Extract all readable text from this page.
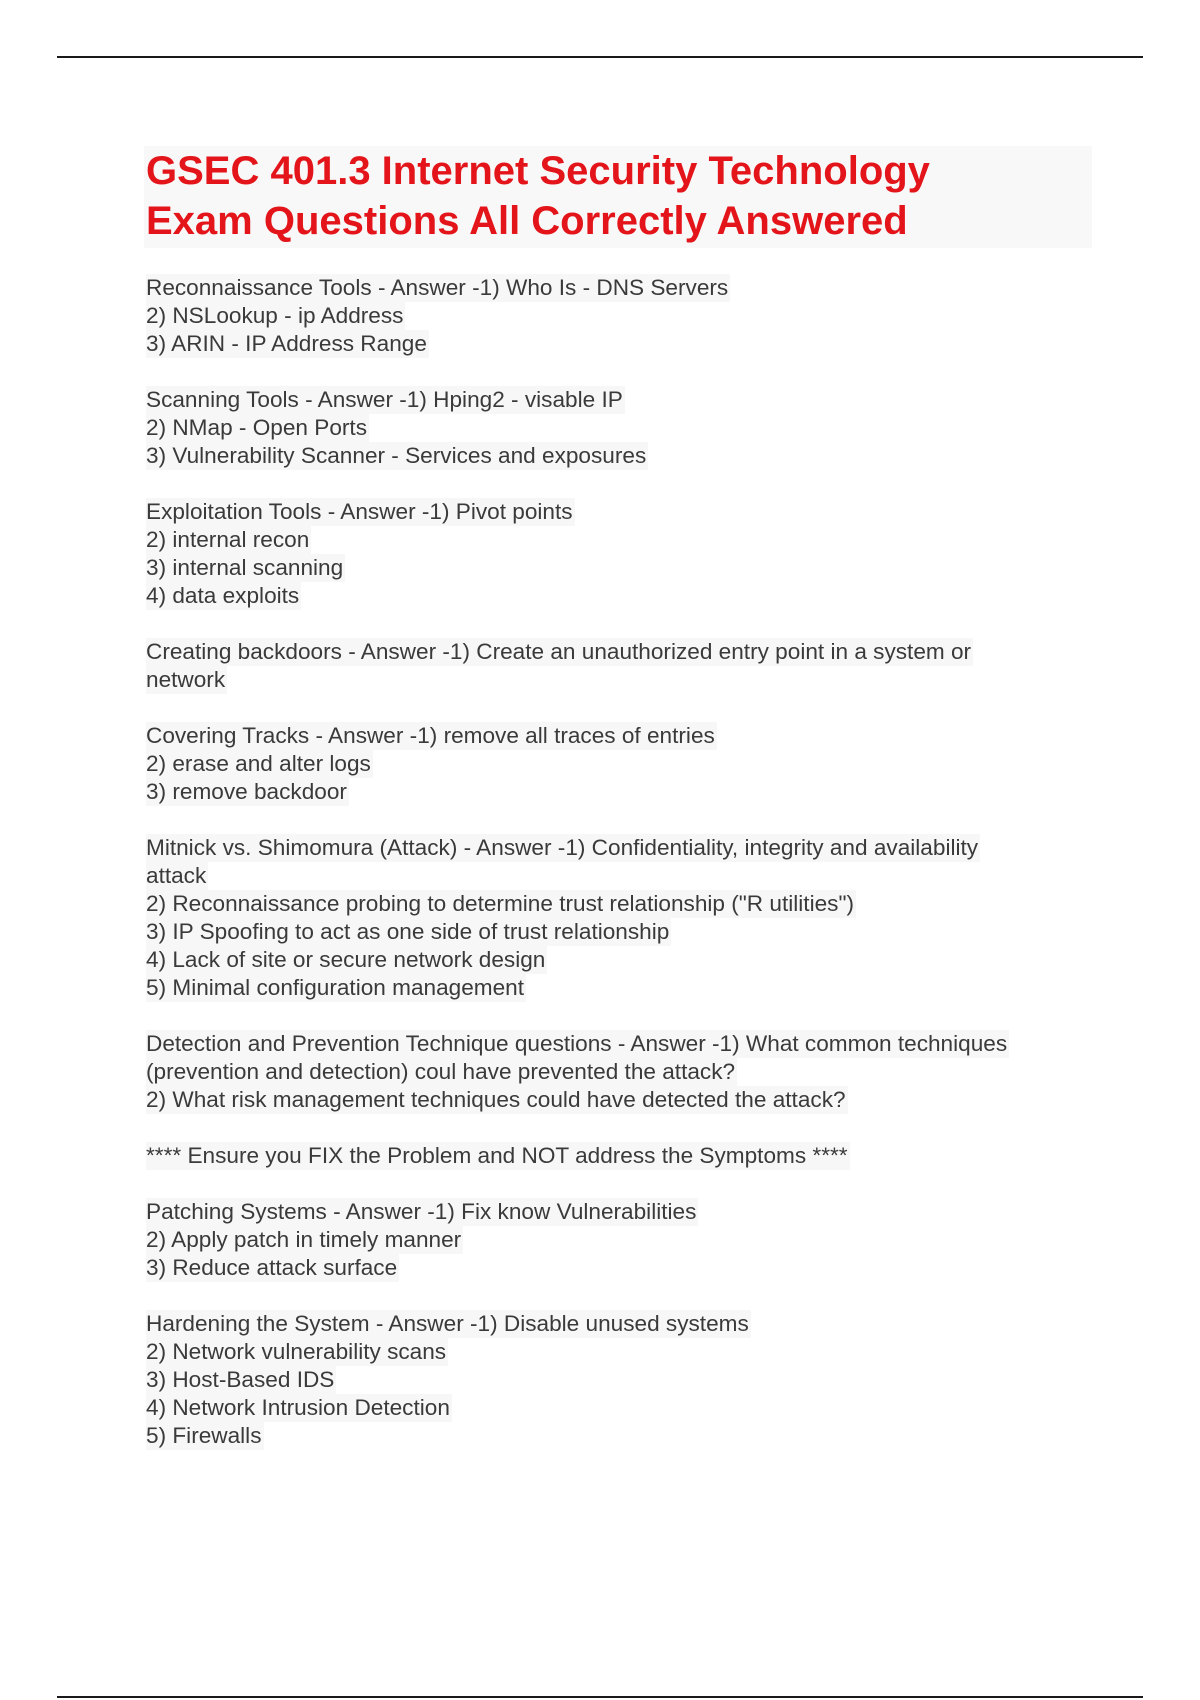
GSEC 401.3 Internet Security Technology
Exam Questions All Correctly Answered
Reconnaissance Tools - Answer -1) Who Is - DNS Servers
2) NSLookup - ip Address
3) ARIN - IP Address Range
Scanning Tools - Answer -1) Hping2 - visable IP
2) NMap - Open Ports
3) Vulnerability Scanner - Services and exposures
Exploitation Tools - Answer -1) Pivot points
2) internal recon
3) internal scanning
4) data exploits
Creating backdoors - Answer -1) Create an unauthorized entry point in a system or
network
Covering Tracks - Answer -1) remove all traces of entries
2) erase and alter logs
3) remove backdoor
Mitnick vs. Shimomura (Attack) - Answer -1) Confidentiality, integrity and availability
attack
2) Reconnaissance probing to determine trust relationship ("R utilities")
3) IP Spoofing to act as one side of trust relationship
4) Lack of site or secure network design
5) Minimal configuration management
Detection and Prevention Technique questions - Answer -1) What common techniques
(prevention and detection) coul have prevented the attack?
2) What risk management techniques could have detected the attack?
**** Ensure you FIX the Problem and NOT address the Symptoms ****
Patching Systems - Answer -1) Fix know Vulnerabilities
2) Apply patch in timely manner
3) Reduce attack surface
Hardening the System - Answer -1) Disable unused systems
2) Network vulnerability scans
3) Host-Based IDS
4) Network Intrusion Detection
5) Firewalls
